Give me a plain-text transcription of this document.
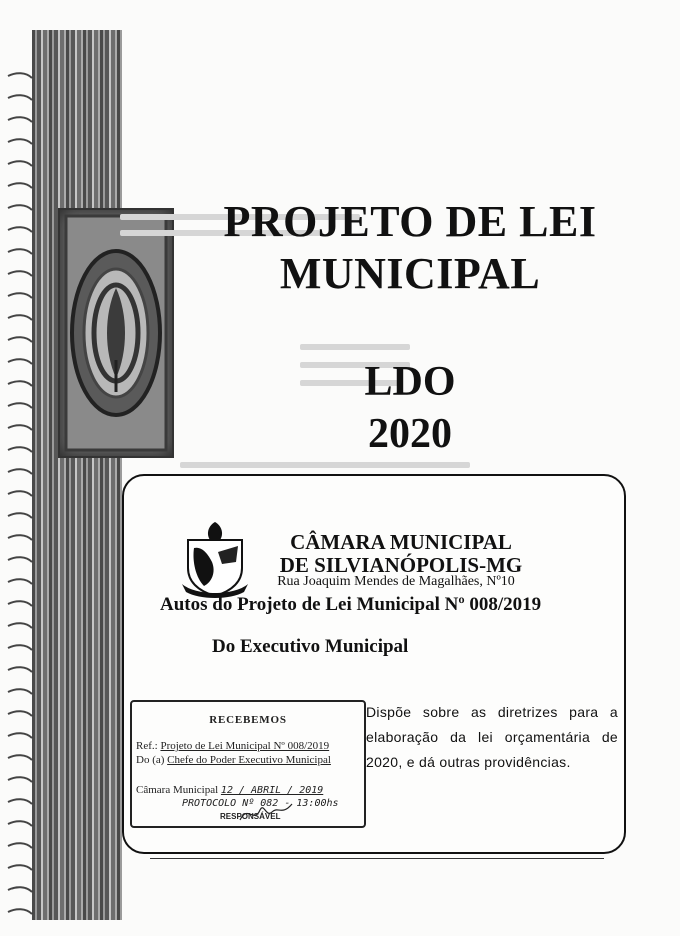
PROJETO DE LEI
MUNICIPAL
LDO
2020
CÂMARA MUNICIPAL
DE SILVIANÓPOLIS-MG
Rua Joaquim Mendes de Magalhães, Nº10
Autos do Projeto de Lei Municipal Nº 008/2019
Do Executivo Municipal
RECEBEMOS
Ref.: Projeto de Lei Municipal Nº 008/2019
Do (a) Chefe do Poder Executivo Municipal
Câmara Municipal 12 / ABRIL / 2019
PROTOCOLO Nº 082 - 13:00hs
RESPONSÁVEL
Dispõe sobre as diretrizes para a elaboração da lei orçamentária de 2020, e dá outras providências.
